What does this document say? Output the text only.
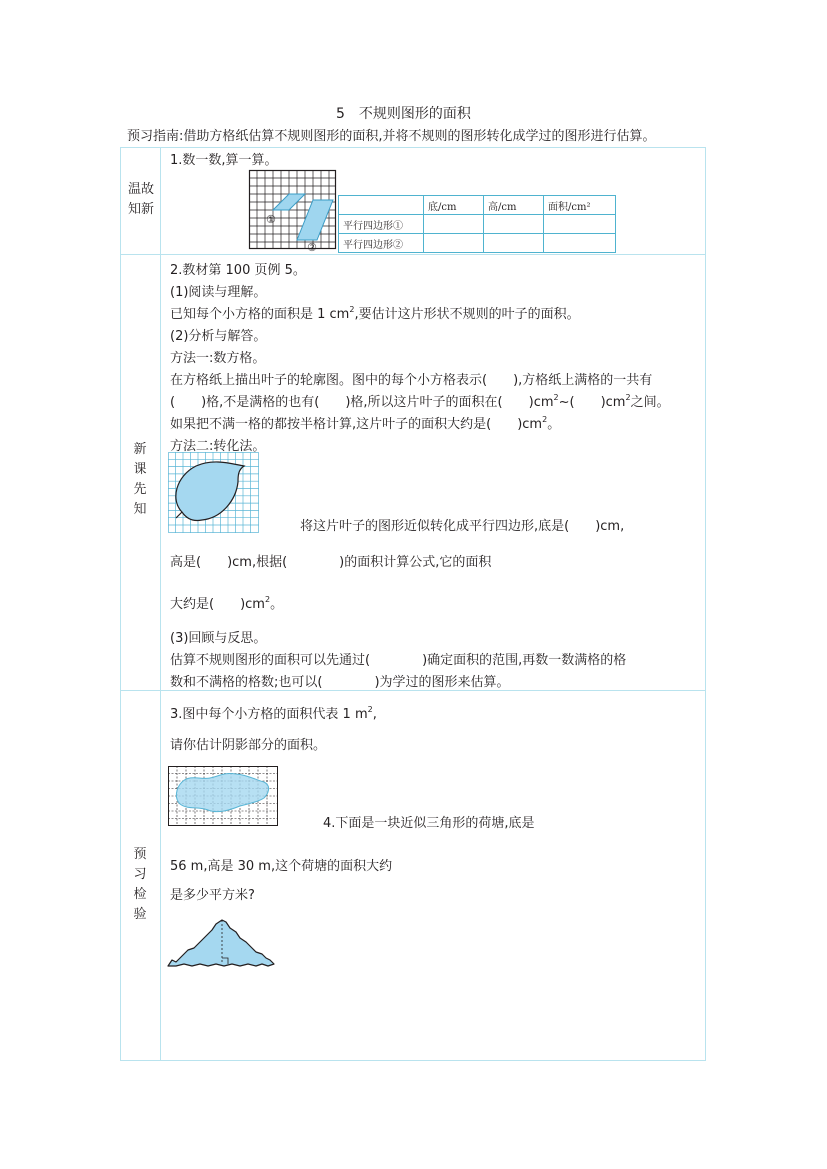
5　不规则图形的面积
预习指南:借助方格纸估算不规则图形的面积,并将不规则的图形转化成学过的图形进行估算。
温故知新
新课先知
预习检验
1.数一数,算一算。
①
②
	底/cm	高/cm	面积/cm²
平行四边形①			
平行四边形②			
2.教材第 100 页例 5。
(1)阅读与理解。
已知每个小方格的面积是 1 $cm^2$,要估计这片形状不规则的叶子的面积。
(2)分析与解答。
方法一:数方格。
在方格纸上描出叶子的轮廓图。图中的每个小方格表示(　　),方格纸上满格的一共有
(　　)格,不是满格的也有(　　)格,所以这片叶子的面积在(　　)$cm^2\sim$(　　)$cm^2$之间。
如果把不满一格的都按半格计算,这片叶子的面积大约是(　　)$cm^2$。
方法二:转化法。
将这片叶子的图形近似转化成平行四边形,底是(　　)cm,
高是(　　)cm,根据(　　　　)的面积计算公式,它的面积
大约是(　　)$cm^2$。
(3)回顾与反思。
估算不规则图形的面积可以先通过(　　　　)确定面积的范围,再数一数满格的格
数和不满格的格数;也可以(　　　　)为学过的图形来估算。
3.图中每个小方格的面积代表 1 $m^2$,
请你估计阴影部分的面积。
4.下面是一块近似三角形的荷塘,底是
56 m,高是 30 m,这个荷塘的面积大约
是多少平方米?
